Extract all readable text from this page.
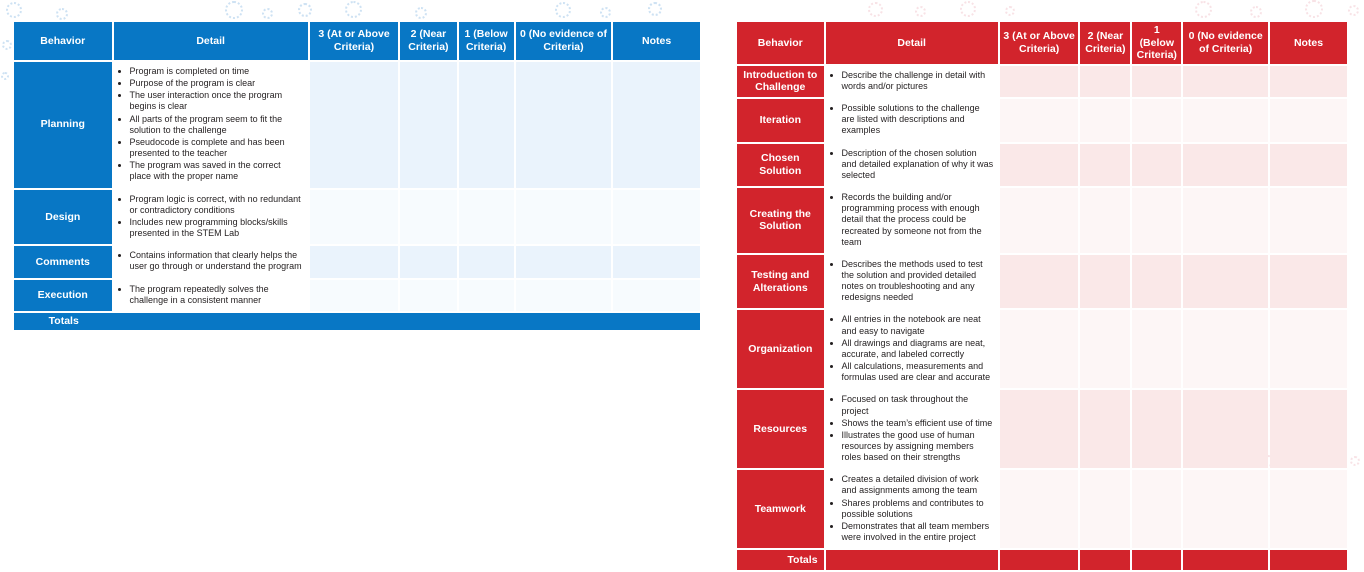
Behavior	Detail
3 (At or Above Criteria)
2 (Near Criteria)
1 (Below Criteria)
0 (No evidence of Criteria)
Notes
Planning
• Program is completed on time
• Purpose of the program is clear
• The user interaction once the program begins is clear
• All parts of the program seem to fit the solution to the challenge
• Pseudocode is complete and has been presented to the teacher
• The program was saved in the correct place with the proper name
Design
• Program logic is correct, with no redundant or contradictory conditions
• Includes new programming blocks/skills presented in the STEM Lab
Comments
• Contains information that clearly helps the user go through or understand the program
Execution
• The program repeatedly solves the challenge in a consistent manner
Totals
Behavior	Detail
3 (At or Above Criteria)
2 (Near Criteria)
1 (Below Criteria)
0 (No evidence of Criteria)
Notes
Introduction to Challenge
• Describe the challenge in detail with words and/or pictures
Iteration
• Possible solutions to the challenge are listed with descriptions and examples
Chosen Solution
• Description of the chosen solution and detailed explanation of why it was selected
Creating the Solution
• Records the building and/or programming process with enough detail that the process could be recreated by someone not from the team
Testing and Alterations
• Describes the methods used to test the solution and provided detailed notes on troubleshooting and any redesigns needed
Organization
• All entries in the notebook are neat and easy to navigate
• All drawings and diagrams are neat, accurate, and labeled correctly
• All calculations, measurements and formulas used are clear and accurate
Resources
• Focused on task throughout the project
• Shows the team’s efficient use of time
• Illustrates the good use of human resources by assigning members roles based on their strengths
Teamwork
• Creates a detailed division of work and assignments among the team
• Shares problems and contributes to possible solutions
• Demonstrates that all team members were involved in the entire project
Totals
